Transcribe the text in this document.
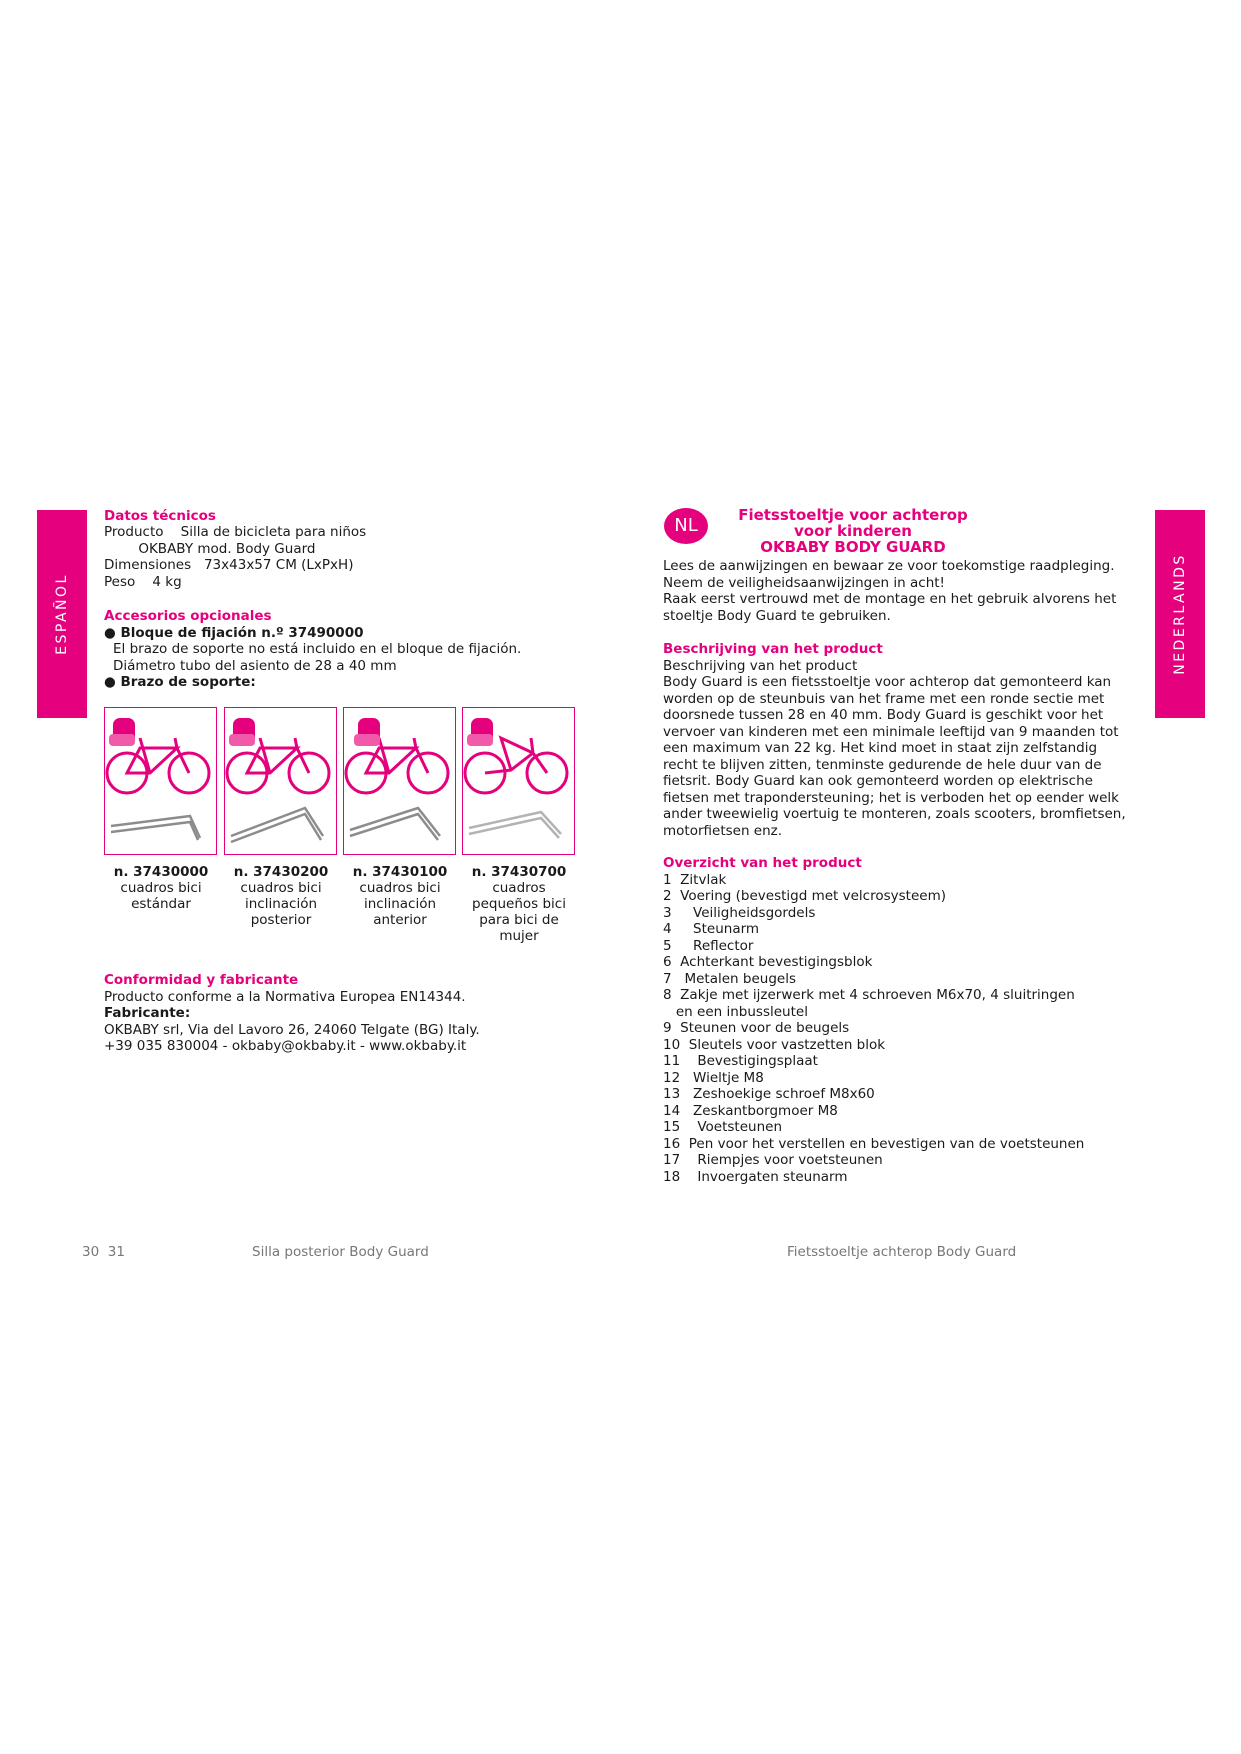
ESPAÑOL
Datos técnicos
Producto    Silla de bicicleta para niños
OKBABY mod. Body Guard
Dimensiones   73x43x57 CM (LxPxH)
Peso    4 kg
Accesorios opcionales
● Bloque de fijación n.º 37490000
El brazo de soporte no está incluido en el bloque de fijación.
Diámetro tubo del asiento de 28 a 40 mm
● Brazo de soporte:
n. 37430000
cuadros bici
estándar
n. 37430200
cuadros bici
inclinación
posterior
n. 37430100
cuadros bici
inclinación
anterior
n. 37430700
cuadros
pequeños bici
para bici de
mujer
Conformidad y fabricante
Producto conforme a la Normativa Europea EN14344.
Fabricante:
OKBABY srl, Via del Lavoro 26, 24060 Telgate (BG) Italy.
+39 035 830004 - okbaby@okbaby.it - www.okbaby.it
30  31	Silla posterior Body Guard
NL	Fietsstoeltje voor achterop voor kinderen
OKBABY BODY GUARD
Lees de aanwijzingen en bewaar ze voor toekomstige raadpleging.
Neem de veiligheidsaanwijzingen in acht!
Raak eerst vertrouwd met de montage en het gebruik alvorens het
stoeltje Body Guard te gebruiken.
Beschrijving van het product
Beschrijving van het product
Body Guard is een fietsstoeltje voor achterop dat gemonteerd kan
worden op de steunbuis van het frame met een ronde sectie met
doorsnede tussen 28 en 40 mm. Body Guard is geschikt voor het
vervoer van kinderen met een minimale leeftijd van 9 maanden tot
een maximum van 22 kg. Het kind moet in staat zijn zelfstandig
recht te blijven zitten, tenminste gedurende de hele duur van de
fietsrit. Body Guard kan ook gemonteerd worden op elektrische
fietsen met trapondersteuning; het is verboden het op eender welk
ander tweewielig voertuig te monteren, zoals scooters, bromfietsen,
motorfietsen enz.
Overzicht van het product
1  Zitvlak
2  Voering (bevestigd met velcrosysteem)
3     Veiligheidsgordels
4     Steunarm
5     Reflector
6  Achterkant bevestigingsblok
7   Metalen beugels
8  Zakje met ijzerwerk met 4 schroeven M6x70, 4 sluitringen
en een inbussleutel
9  Steunen voor de beugels
10  Sleutels voor vastzetten blok
11    Bevestigingsplaat
12   Wieltje M8
13   Zeshoekige schroef M8x60
14   Zeskantborgmoer M8
15    Voetsteunen
16  Pen voor het verstellen en bevestigen van de voetsteunen
17    Riempjes voor voetsteunen
18    Invoergaten steunarm
NEDERLANDS
Fietsstoeltje achterop Body Guard
